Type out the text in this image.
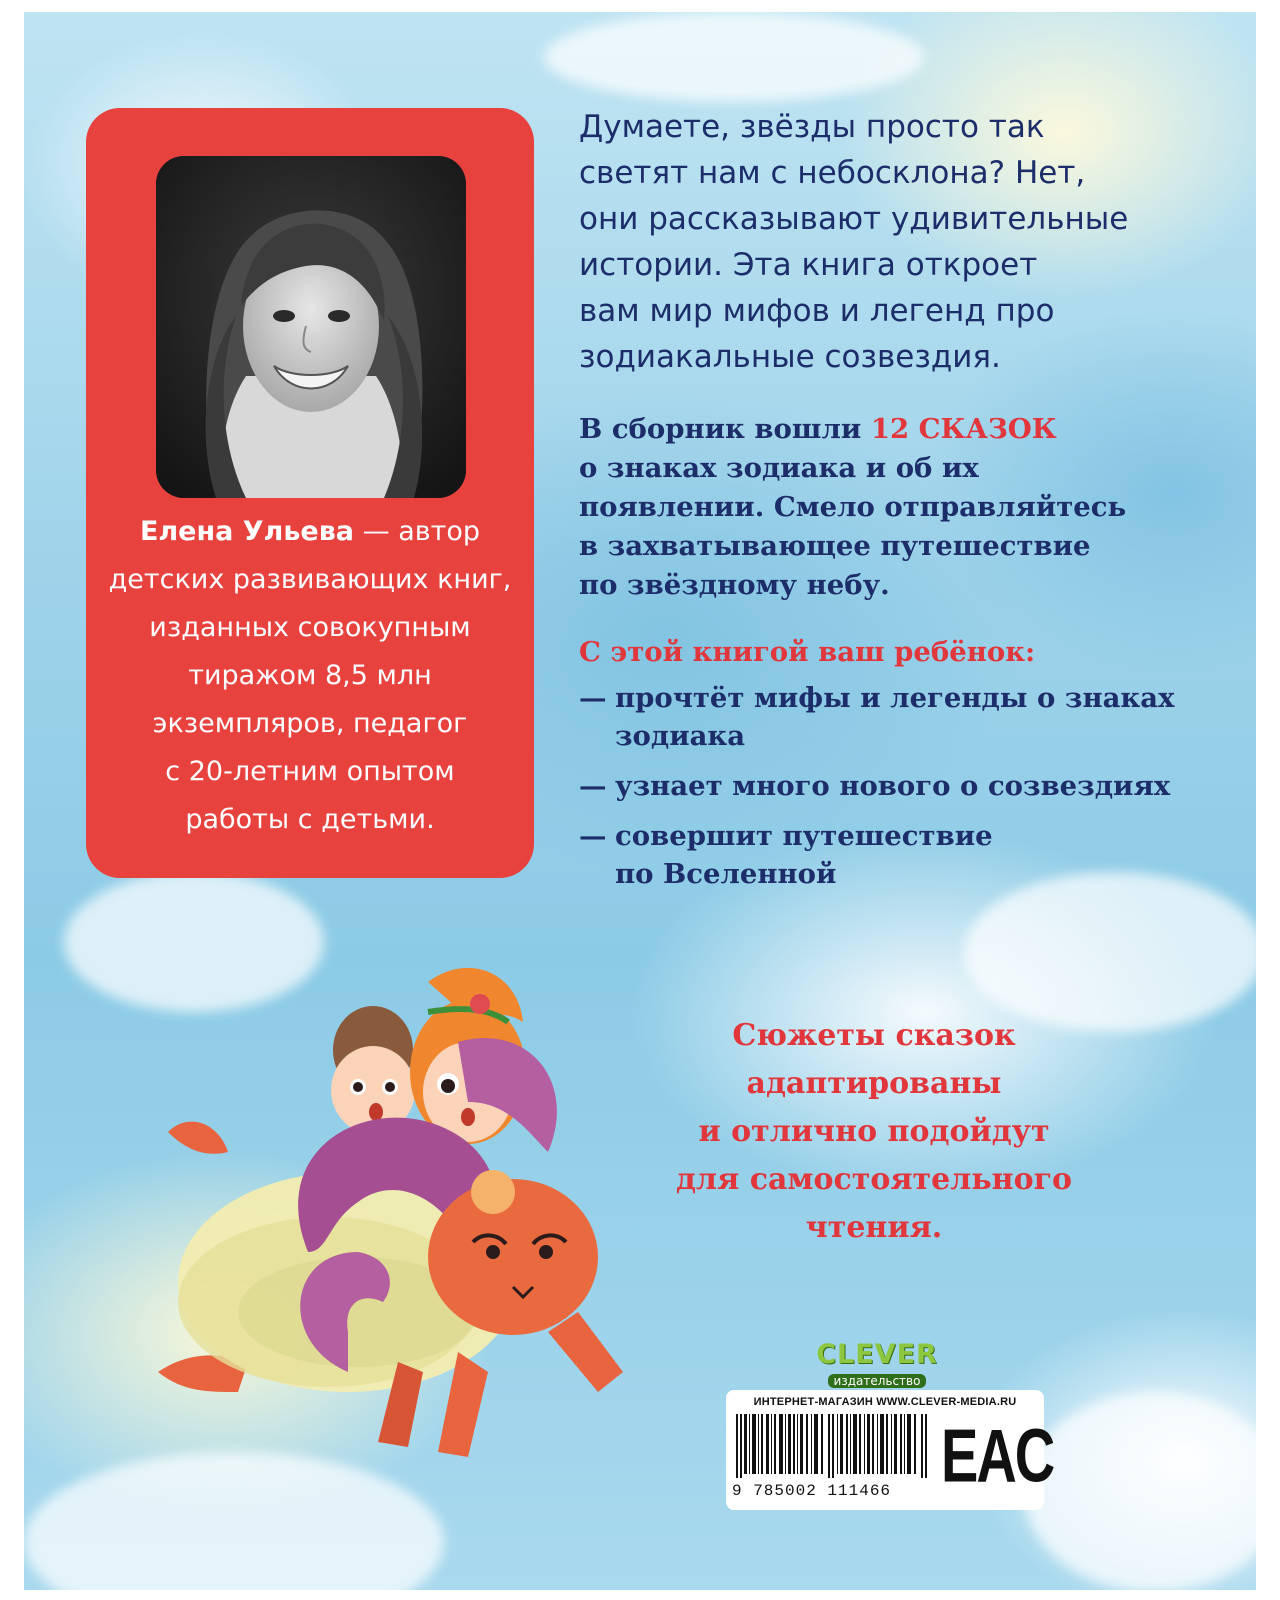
Елена Ульева — автор
детских развивающих книг,
изданных совокупным
тиражом 8,5 млн
экземпляров, педагог
с 20-летним опытом
работы с детьми.
Думаете, звёзды просто так
светят нам с небосклона? Нет,
они рассказывают удивительные
истории. Эта книга откроет
вам мир мифов и легенд про
зодиакальные созвездия.
В сборник вошли 12 СКАЗОК
о знаках зодиака и об их
появлении. Смело отправляйтесь
в захватывающее путешествие
по звёздному небу.
С этой книгой ваш ребёнок:
— прочтёт мифы и легенды о знаках
зодиака
— узнает много нового о созвездиях
— совершит путешествие
по Вселенной
Сюжеты сказок
адаптированы
и отлично подойдут
для самостоятельного
чтения.
CLEVER
издательство
ИНТЕРНЕТ-МАГАЗИН WWW.CLEVER-MEDIA.RU
9 785002 111466 EAC
